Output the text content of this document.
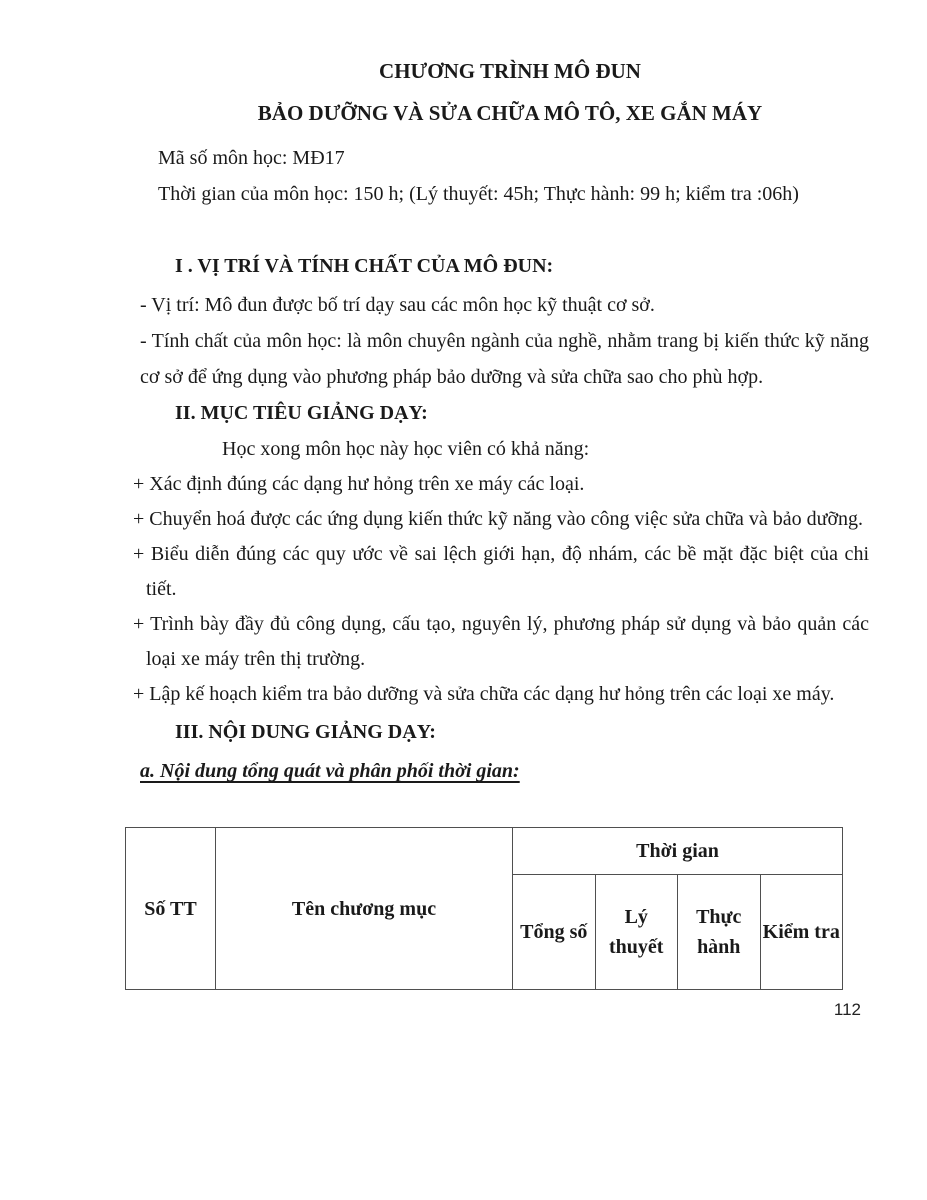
CHƯƠNG TRÌNH MÔ ĐUN

BẢO DƯỠNG VÀ SỬA CHỮA MÔ TÔ, XE GẮN MÁY

Mã số môn học: MĐ17

Thời gian của môn học: 150 h; (Lý thuyết: 45h; Thực hành: 99 h; kiểm tra :06h)

I . VỊ TRÍ VÀ TÍNH CHẤT CỦA MÔ ĐUN:

- Vị trí: Mô đun được bố trí dạy sau các môn học kỹ thuật cơ sở.

- Tính chất của môn học: là môn chuyên ngành của nghề, nhằm trang bị kiến thức kỹ năng cơ sở để ứng dụng vào phương pháp bảo dưỡng và sửa chữa sao cho phù hợp.

II. MỤC TIÊU GIẢNG DẠY:

Học xong môn học này học viên có khả năng:

+ Xác định đúng các dạng hư hỏng trên xe máy các loại.

+ Chuyển hoá được các ứng dụng kiến thức kỹ năng vào công việc sửa chữa và bảo dưỡng.

+ Biểu diễn đúng các quy ước về sai lệch giới hạn, độ nhám, các bề mặt đặc biệt của chi tiết.

+ Trình bày đầy đủ công dụng, cấu tạo, nguyên lý, phương pháp sử dụng và bảo quản các loại xe máy trên thị trường.

+ Lập kế hoạch kiểm tra bảo dưỡng và sửa chữa các dạng hư hỏng trên các loại xe máy.

III. NỘI DUNG GIẢNG DẠY:

a. Nội dung tổng quát và phân phối thời gian:

Số TT	Tên chương mục	Thời gian			
		Tổng số	Lý thuyết	Thực hành	Kiểm tra
112
